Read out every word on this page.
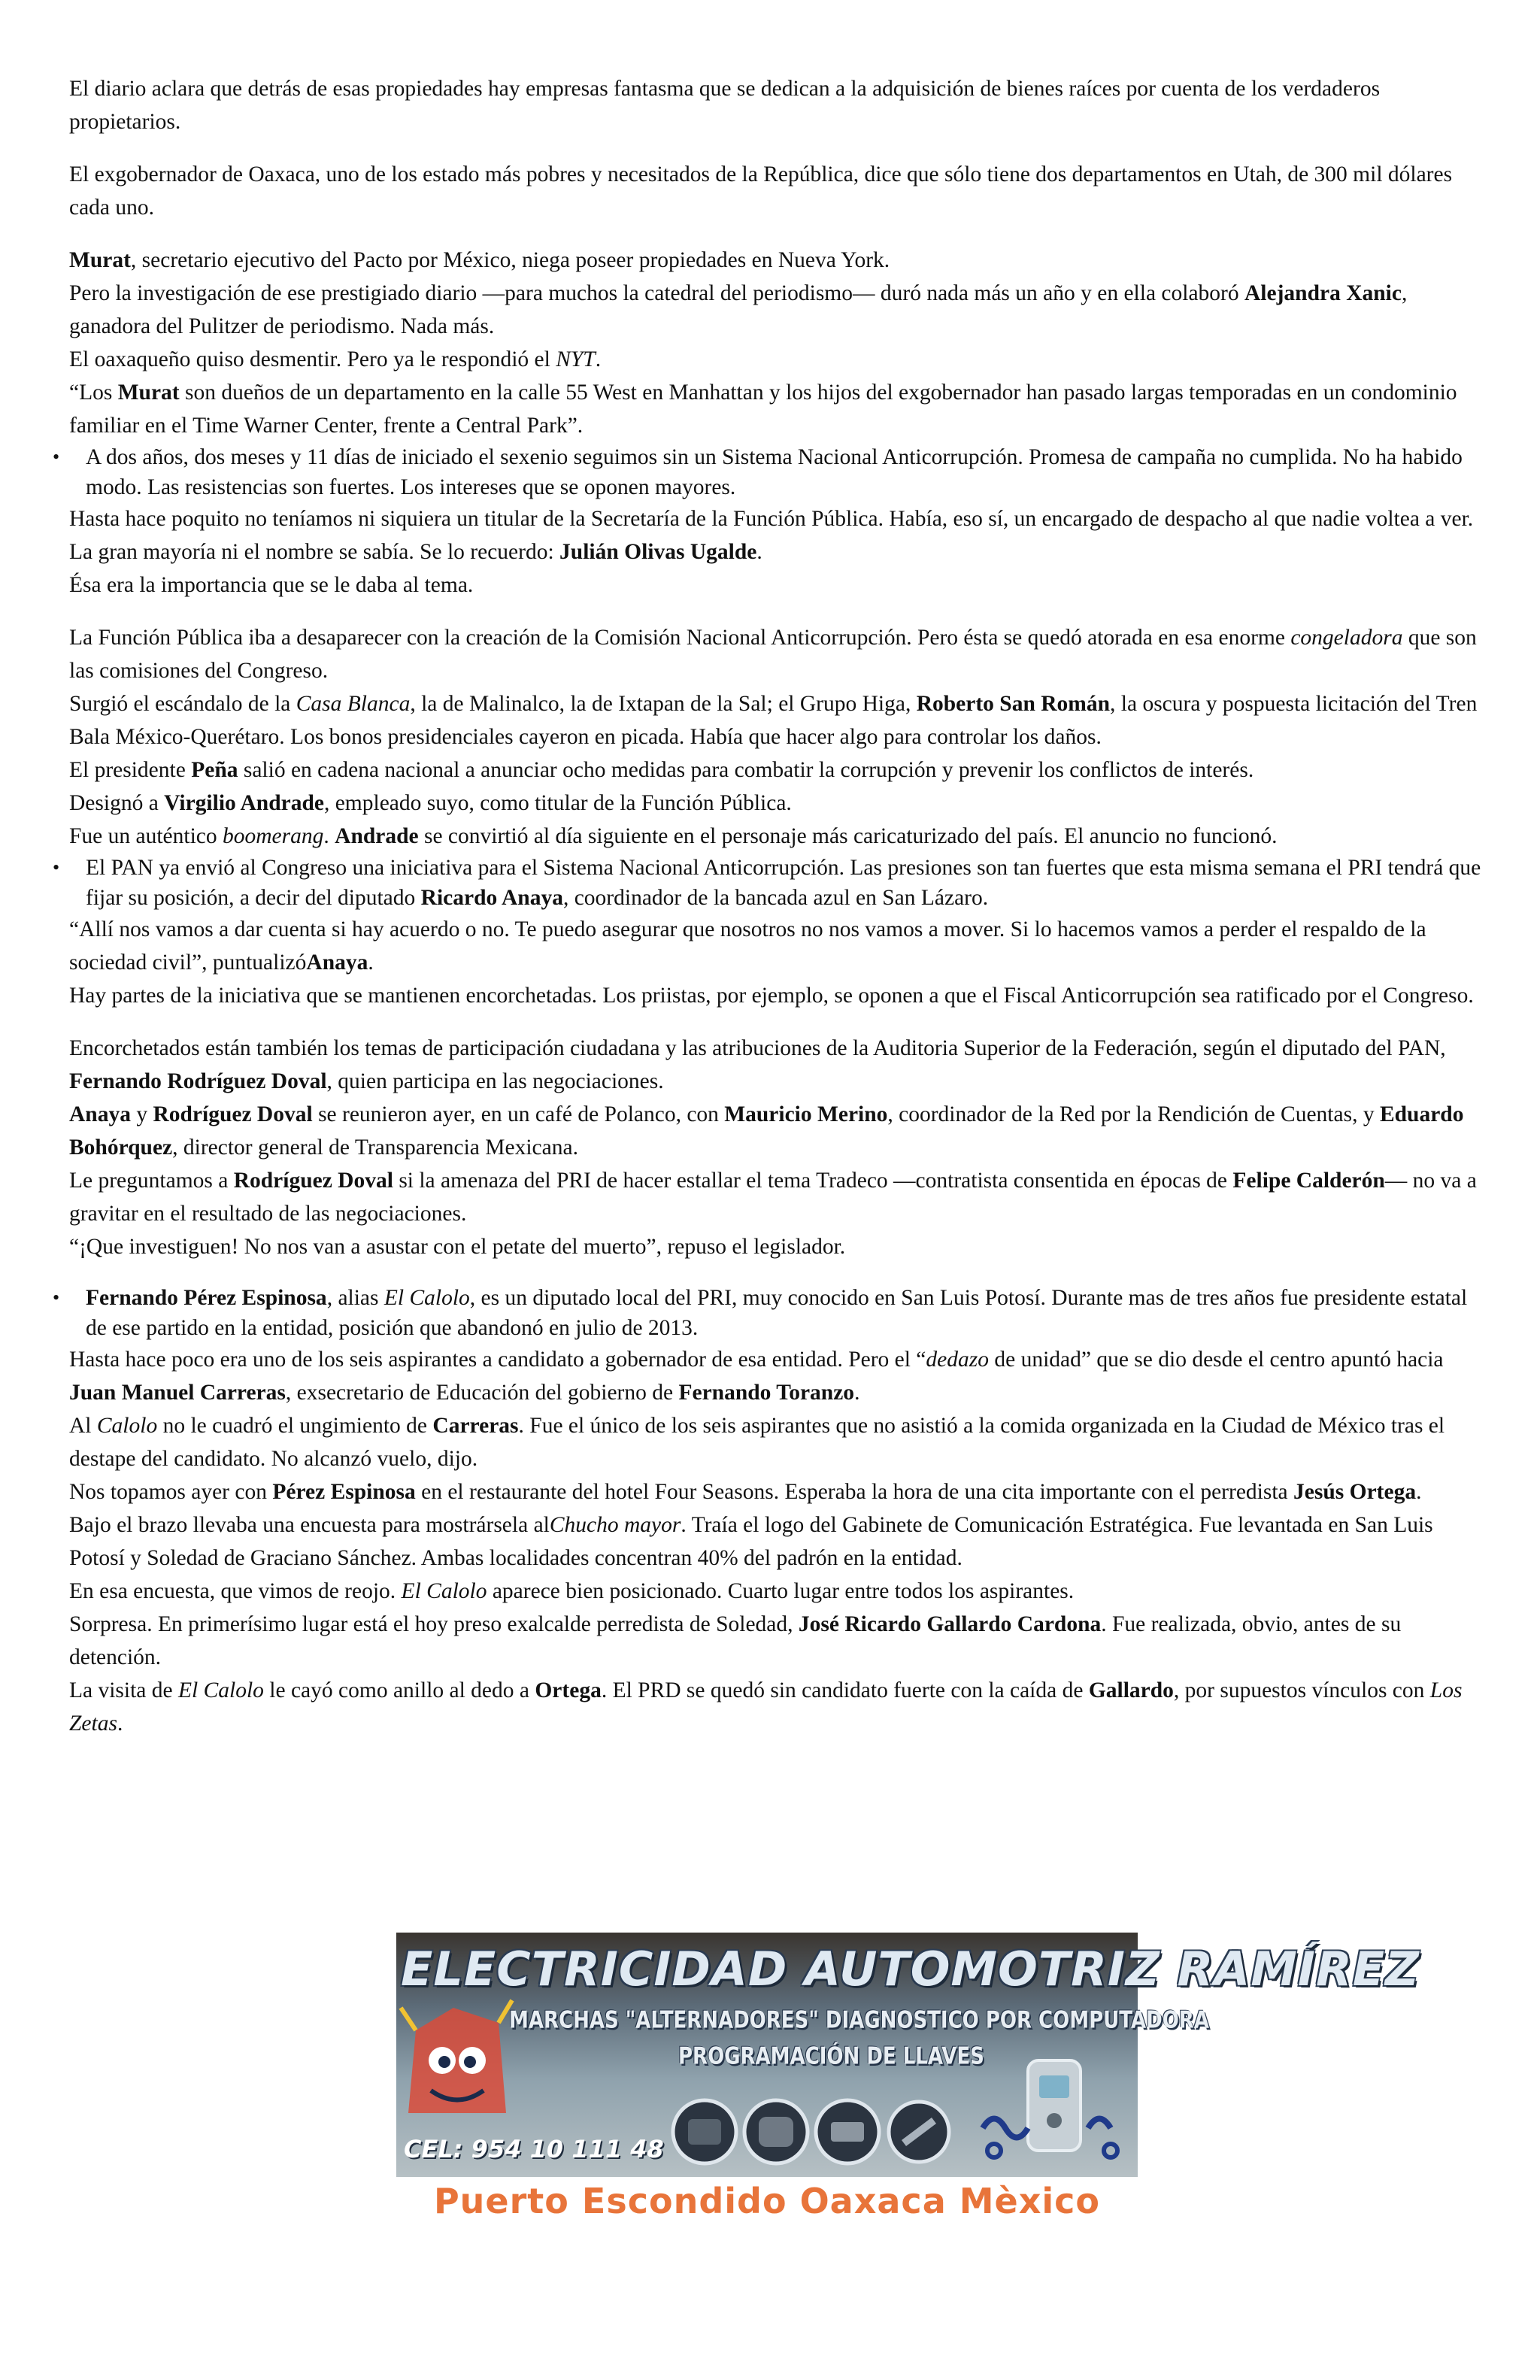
El diario aclara que detrás de esas propiedades hay empresas fantasma que se dedican a la adquisición de bienes raíces por cuenta de los verdaderos propietarios.

El exgobernador de Oaxaca, uno de los estado más pobres y necesitados de la República, dice que sólo tiene dos departamentos en Utah, de 300 mil dólares cada uno.

Murat, secretario ejecutivo del Pacto por México, niega poseer propiedades en Nueva York.

Pero la investigación de ese prestigiado diario —para muchos la catedral del periodismo— duró nada más un año y en ella colaboró Alejandra Xanic, ganadora del Pulitzer de periodismo. Nada más.

El oaxaqueño quiso desmentir. Pero ya le respondió el NYT.

“Los Murat son dueños de un departamento en la calle 55 West en Manhattan y los hijos del exgobernador han pasado largas temporadas en un condominio familiar en el Time Warner Center, frente a Central Park”.

• A dos años, dos meses y 11 días de iniciado el sexenio seguimos sin un Sistema Nacional Anticorrupción. Promesa de campaña no cumplida. No ha habido modo. Las resistencias son fuertes. Los intereses que se oponen mayores.

Hasta hace poquito no teníamos ni siquiera un titular de la Secretaría de la Función Pública. Había, eso sí, un encargado de despacho al que nadie voltea a ver. La gran mayoría ni el nombre se sabía. Se lo recuerdo: Julián Olivas Ugalde.

Ésa era la importancia que se le daba al tema.

La Función Pública iba a desaparecer con la creación de la Comisión Nacional Anticorrupción. Pero ésta se quedó atorada en esa enorme congeladora que son las comisiones del Congreso.

Surgió el escándalo de la Casa Blanca, la de Malinalco, la de Ixtapan de la Sal; el Grupo Higa, Roberto San Román, la oscura y pospuesta licitación del Tren Bala México-Querétaro. Los bonos presidenciales cayeron en picada. Había que hacer algo para controlar los daños.

El presidente Peña salió en cadena nacional a anunciar ocho medidas para combatir la corrupción y prevenir los conflictos de interés.

Designó a Virgilio Andrade, empleado suyo, como titular de la Función Pública.

Fue un auténtico boomerang. Andrade se convirtió al día siguiente en el personaje más caricaturizado del país. El anuncio no funcionó.

• El PAN ya envió al Congreso una iniciativa para el Sistema Nacional Anticorrupción. Las presiones son tan fuertes que esta misma semana el PRI tendrá que fijar su posición, a decir del diputado Ricardo Anaya, coordinador de la bancada azul en San Lázaro.

“Allí nos vamos a dar cuenta si hay acuerdo o no. Te puedo asegurar que nosotros no nos vamos a mover. Si lo hacemos vamos a perder el respaldo de la sociedad civil”, puntualizóAnaya.

Hay partes de la iniciativa que se mantienen encorchetadas. Los priistas, por ejemplo, se oponen a que el Fiscal Anticorrupción sea ratificado por el Congreso.

Encorchetados están también los temas de participación ciudadana y las atribuciones de la Auditoria Superior de la Federación, según el diputado del PAN, Fernando Rodríguez Doval, quien participa en las negociaciones.

Anaya y Rodríguez Doval se reunieron ayer, en un café de Polanco, con Mauricio Merino, coordinador de la Red por la Rendición de Cuentas, y Eduardo Bohórquez, director general de Transparencia Mexicana.

Le preguntamos a Rodríguez Doval si la amenaza del PRI de hacer estallar el tema Tradeco —contratista consentida en épocas de Felipe Calderón— no va a gravitar en el resultado de las negociaciones.

“¡Que investiguen! No nos van a asustar con el petate del muerto”, repuso el legislador.

• Fernando Pérez Espinosa, alias El Calolo, es un diputado local del PRI, muy conocido en San Luis Potosí. Durante mas de tres años fue presidente estatal de ese partido en la entidad, posición que abandonó en julio de 2013.

Hasta hace poco era uno de los seis aspirantes a candidato a gobernador de esa entidad. Pero el “dedazo de unidad” que se dio desde el centro apuntó hacia Juan Manuel Carreras, exsecretario de Educación del gobierno de Fernando Toranzo.

Al Calolo no le cuadró el ungimiento de Carreras. Fue el único de los seis aspirantes que no asistió a la comida organizada en la Ciudad de México tras el destape del candidato. No alcanzó vuelo, dijo.

Nos topamos ayer con Pérez Espinosa en el restaurante del hotel Four Seasons. Esperaba la hora de una cita importante con el perredista Jesús Ortega.

Bajo el brazo llevaba una encuesta para mostrársela alChucho mayor. Traía el logo del Gabinete de Comunicación Estratégica. Fue levantada en San Luis Potosí y Soledad de Graciano Sánchez. Ambas localidades concentran 40% del padrón en la entidad.

En esa encuesta, que vimos de reojo. El Calolo aparece bien posicionado. Cuarto lugar entre todos los aspirantes.

Sorpresa. En primerísimo lugar está el hoy preso exalcalde perredista de Soledad, José Ricardo Gallardo Cardona. Fue realizada, obvio, antes de su detención.

La visita de El Calolo le cayó como anillo al dedo a Ortega. El PRD se quedó sin candidato fuerte con la caída de Gallardo, por supuestos vínculos con Los Zetas.

ELECTRICIDAD AUTOMOTRIZ RAMÍREZ
MARCHAS "ALTERNADORES" DIAGNOSTICO POR COMPUTADORA
PROGRAMACIÓN DE LLAVES
CEL: 954 10 111 48
Puerto Escondido Oaxaca Mèxico
